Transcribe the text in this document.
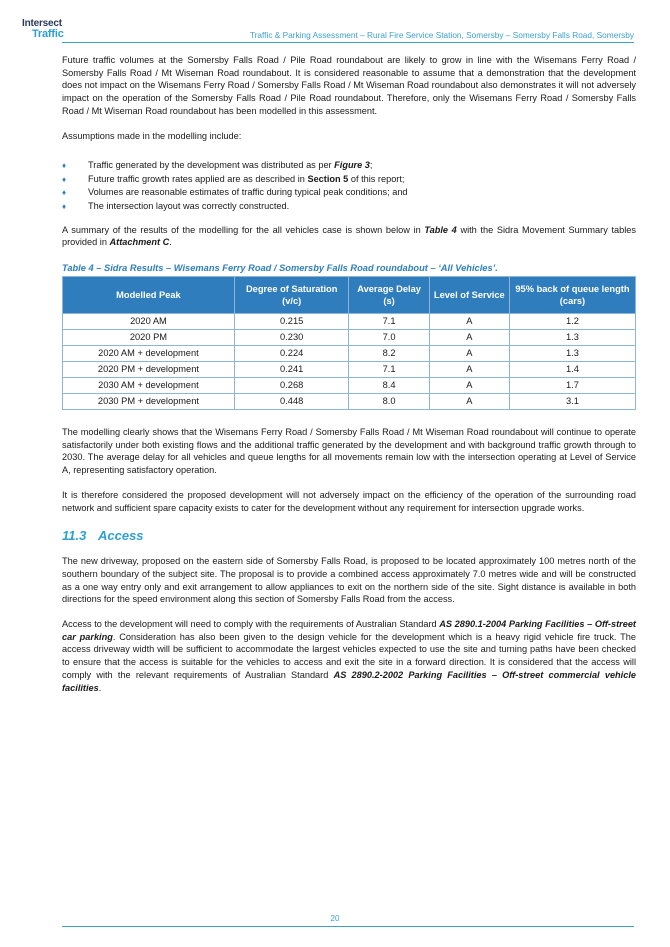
Intersect
Traffic	Traffic & Parking Assessment – Rural Fire Service Station, Somersby – Somersby Falls Road, Somersby

Future traffic volumes at the Somersby Falls Road / Pile Road roundabout are likely to grow in line with the Wisemans Ferry Road / Somersby Falls Road / Mt Wiseman Road roundabout. It is considered reasonable to assume that a demonstration that the development does not impact on the Wisemans Ferry Road / Somersby Falls Road / Mt Wiseman Road roundabout also demonstrates it will not adversely impact on the operation of the Somersby Falls Road / Pile Road roundabout. Therefore, only the Wisemans Ferry Road / Somersby Falls Road / Mt Wiseman Road roundabout has been modelled in this assessment.

Assumptions made in the modelling include:

♦ Traffic generated by the development was distributed as per Figure 3;
♦ Future traffic growth rates applied are as described in Section 5 of this report;
♦ Volumes are reasonable estimates of traffic during typical peak conditions; and
♦ The intersection layout was correctly constructed.

A summary of the results of the modelling for the all vehicles case is shown below in Table 4 with the Sidra Movement Summary tables provided in Attachment C.

Table 4 – Sidra Results – Wisemans Ferry Road / Somersby Falls Road roundabout – ‘All Vehicles’.
Modelled Peak	Degree of Saturation (v/c)	Average Delay (s)	Level of Service	95% back of queue length (cars)
2020 AM	0.215	7.1	A	1.2
2020 PM	0.230	7.0	A	1.3
2020 AM + development	0.224	8.2	A	1.3
2020 PM + development	0.241	7.1	A	1.4
2030 AM + development	0.268	8.4	A	1.7
2030 PM + development	0.448	8.0	A	3.1

The modelling clearly shows that the Wisemans Ferry Road / Somersby Falls Road / Mt Wiseman Road roundabout will continue to operate satisfactorily under both existing flows and the additional traffic generated by the development and with background traffic growth through to 2030. The average delay for all vehicles and queue lengths for all movements remain low with the intersection operating at Level of Service A, representing satisfactory operation.

It is therefore considered the proposed development will not adversely impact on the efficiency of the operation of the surrounding road network and sufficient spare capacity exists to cater for the development without any requirement for intersection upgrade works.

11.3 Access

The new driveway, proposed on the eastern side of Somersby Falls Road, is proposed to be located approximately 100 metres north of the southern boundary of the subject site. The proposal is to provide a combined access approximately 7.0 metres wide and will be constructed as a one way entry only and exit arrangement to allow appliances to exit on the northern side of the site. Sight distance is available in both directions for the speed environment along this section of Somersby Falls Road from the access.

Access to the development will need to comply with the requirements of Australian Standard AS 2890.1-2004 Parking Facilities – Off-street car parking. Consideration has also been given to the design vehicle for the development which is a heavy rigid vehicle fire truck. The access driveway width will be sufficient to accommodate the largest vehicles expected to use the site and turning paths have been checked to ensure that the access is suitable for the vehicles to access and exit the site in a forward direction. It is considered that the access will comply with the relevant requirements of Australian Standard AS 2890.2-2002 Parking Facilities – Off-street commercial vehicle facilities.

20
